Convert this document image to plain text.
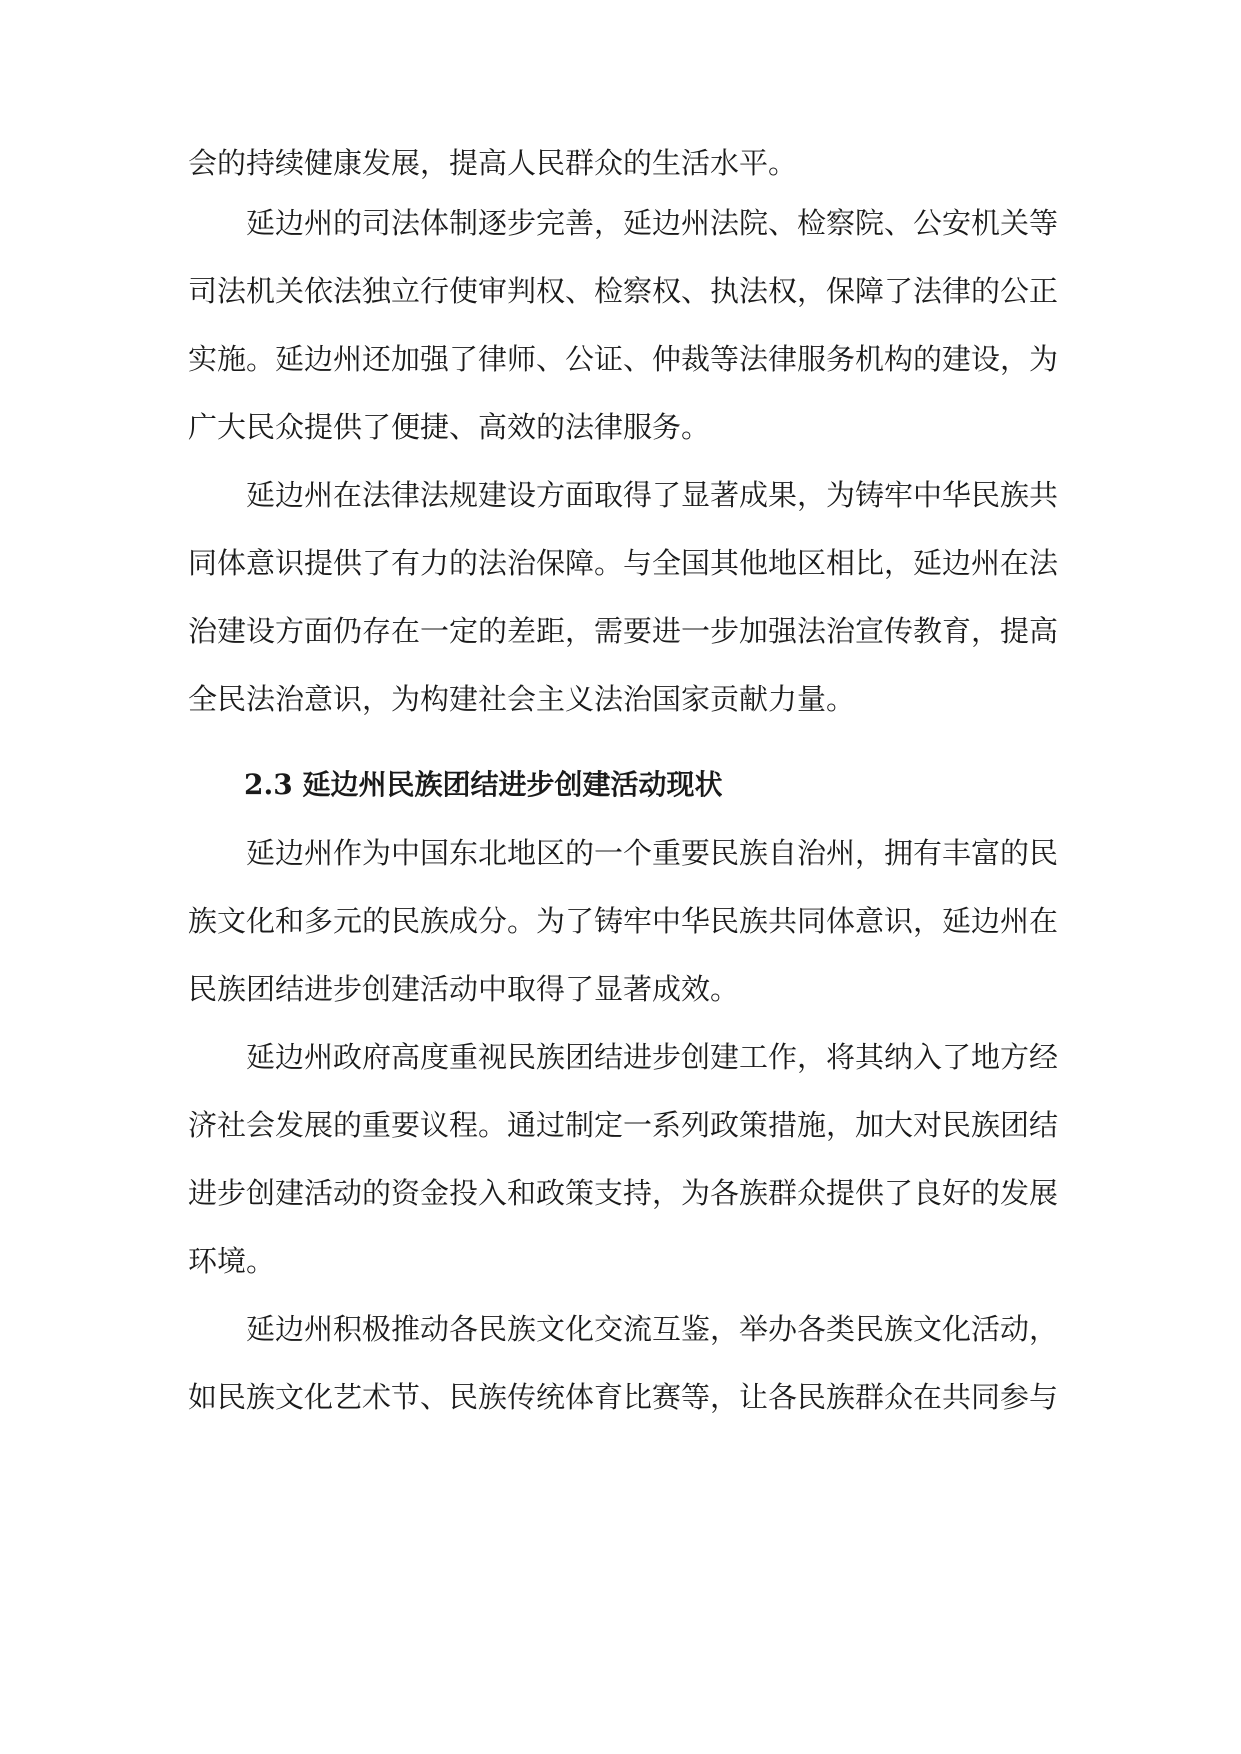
会的持续健康发展，提高人民群众的生活水平。
延边州的司法体制逐步完善，延边州法院、检察院、公安机关等
司法机关依法独立行使审判权、检察权、执法权，保障了法律的公正
实施。延边州还加强了律师、公证、仲裁等法律服务机构的建设，为
广大民众提供了便捷、高效的法律服务。
延边州在法律法规建设方面取得了显著成果，为铸牢中华民族共
同体意识提供了有力的法治保障。与全国其他地区相比，延边州在法
治建设方面仍存在一定的差距，需要进一步加强法治宣传教育，提高
全民法治意识，为构建社会主义法治国家贡献力量。
2.3 延边州民族团结进步创建活动现状
延边州作为中国东北地区的一个重要民族自治州，拥有丰富的民
族文化和多元的民族成分。为了铸牢中华民族共同体意识，延边州在
民族团结进步创建活动中取得了显著成效。
延边州政府高度重视民族团结进步创建工作，将其纳入了地方经
济社会发展的重要议程。通过制定一系列政策措施，加大对民族团结
进步创建活动的资金投入和政策支持，为各族群众提供了良好的发展
环境。
延边州积极推动各民族文化交流互鉴，举办各类民族文化活动，
如民族文化艺术节、民族传统体育比赛等，让各民族群众在共同参与
